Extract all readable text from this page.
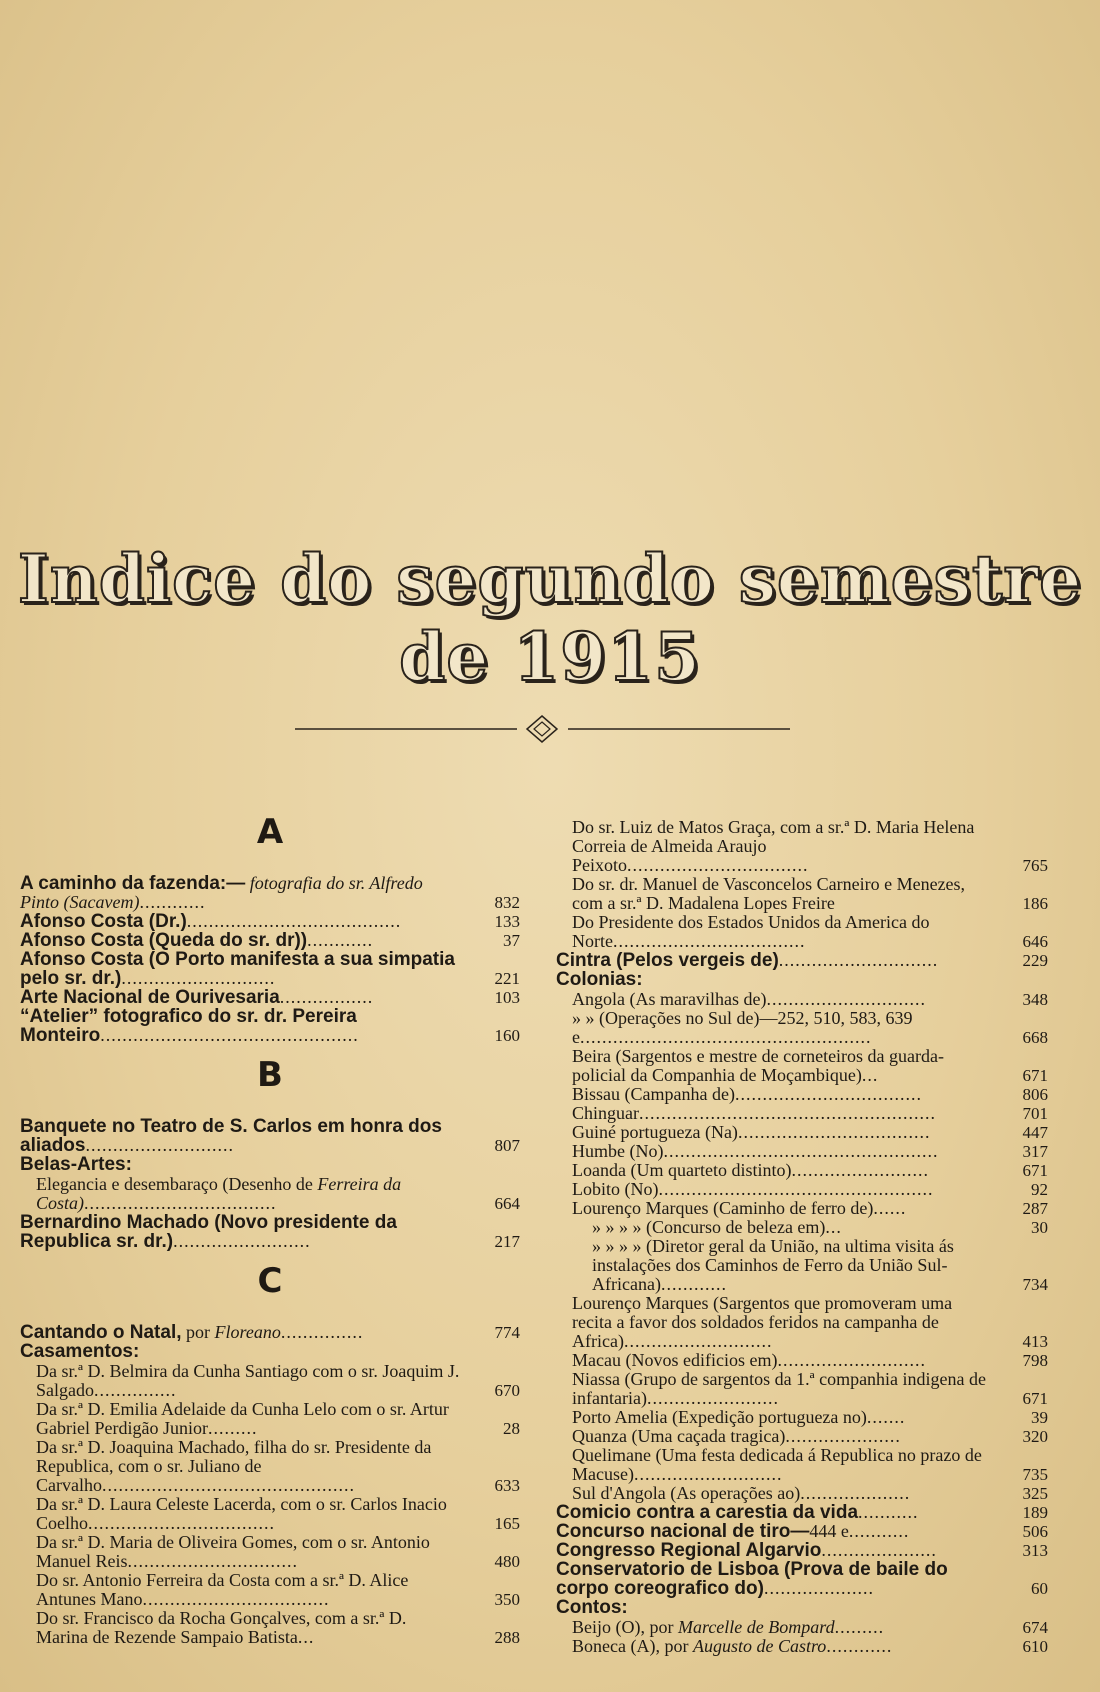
Indice do segundo semestre de 1915
A
A caminho da fazenda:— fotografia do sr. Alfredo Pinto (Sacavem)............	832
Afonso Costa (Dr.).......................................	133
Afonso Costa (Queda do sr. dr))............	37
Afonso Costa (O Porto manifesta a sua simpatia pelo sr. dr.)............................	221
Arte Nacional de Ourivesaria.................	103
“Atelier” fotografico do sr. dr. Pereira Monteiro...............................................	160
B
Banquete no Teatro de S. Carlos em honra dos aliados...........................	807
Belas-Artes:
Elegancia e desembaraço (Desenho de Ferreira da Costa)...................................	664
Bernardino Machado (Novo presidente da Republica sr. dr.).........................	217
C
Cantando o Natal, por Floreano...............	774
Casamentos:
Da sr.ª D. Belmira da Cunha Santiago com o sr. Joaquim J. Salgado...............	670
Da sr.ª D. Emilia Adelaide da Cunha Lelo com o sr. Artur Gabriel Perdigão Junior.........	28
Da sr.ª D. Joaquina Machado, filha do sr. Presidente da Republica, com o sr. Juliano de Carvalho..............................................	633
Da sr.ª D. Laura Celeste Lacerda, com o sr. Carlos Inacio Coelho..................................	165
Da sr.ª D. Maria de Oliveira Gomes, com o sr. Antonio Manuel Reis...............................	480
Do sr. Antonio Ferreira da Costa com a sr.ª D. Alice Antunes Mano..................................	350
Do sr. Francisco da Rocha Gonçalves, com a sr.ª D. Marina de Rezende Sampaio Batista...	288
Do sr. Luiz de Matos Graça, com a sr.ª D. Maria Helena Correia de Almeida Araujo Peixoto.................................	765
Do sr. dr. Manuel de Vasconcelos Carneiro e Menezes, com a sr.ª D. Madalena Lopes Freire	186
Do Presidente dos Estados Unidos da America do Norte...................................	646
Cintra (Pelos vergeis de).............................	229
Colonias:
Angola (As maravilhas de).............................	348
» » (Operações no Sul de)—252, 510, 583, 639 e.....................................................	668
Beira (Sargentos e mestre de corneteiros da guarda-policial da Companhia de Moçambique)...	671
Bissau (Campanha de)..................................	806
Chinguar......................................................	701
Guiné portugueza (Na)...................................	447
Humbe (No)..................................................	317
Loanda (Um quarteto distinto).........................	671
Lobito (No)..................................................	92
Lourenço Marques (Caminho de ferro de)......	287
» » » » (Concurso de beleza em)...	30
» » » » (Diretor geral da União, na ultima visita ás instalações dos Caminhos de Ferro da União Sul-Africana)............	734
Lourenço Marques (Sargentos que promoveram uma recita a favor dos soldados feridos na campanha de Africa)...........................	413
Macau (Novos edificios em)...........................	798
Niassa (Grupo de sargentos da 1.ª companhia indigena de infantaria)........................	671
Porto Amelia (Expedição portugueza no).......	39
Quanza (Uma caçada tragica).....................	320
Quelimane (Uma festa dedicada á Republica no prazo de Macuse)...........................	735
Sul d'Angola (As operações ao)....................	325
Comicio contra a carestia da vida...........	189
Concurso nacional de tiro—444 e...........	506
Congresso Regional Algarvio.....................	313
Conservatorio de Lisboa (Prova de baile do corpo coreografico do)....................	60
Contos:
Beijo (O), por Marcelle de Bompard.........	674
Boneca (A), por Augusto de Castro............	610
